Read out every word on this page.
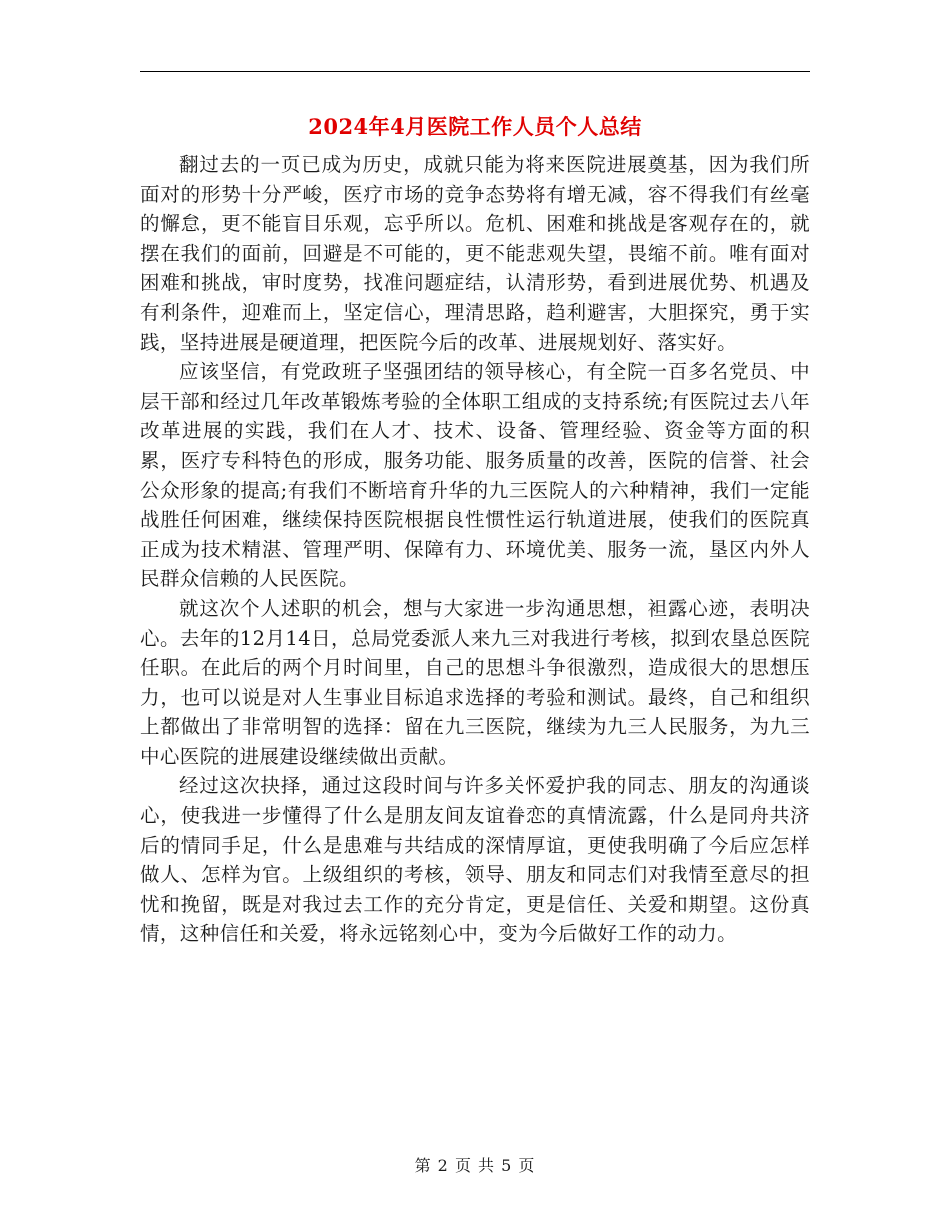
2024年4月医院工作人员个人总结

翻过去的一页已成为历史，成就只能为将来医院进展奠基，因为我们所面对的形势十分严峻，医疗市场的竞争态势将有增无减，容不得我们有丝毫的懈怠，更不能盲目乐观，忘乎所以。危机、困难和挑战是客观存在的，就摆在我们的面前，回避是不可能的，更不能悲观失望，畏缩不前。唯有面对困难和挑战，审时度势，找准问题症结，认清形势，看到进展优势、机遇及有利条件，迎难而上，坚定信心，理清思路，趋利避害，大胆探究，勇于实践，坚持进展是硬道理，把医院今后的改革、进展规划好、落实好。

应该坚信，有党政班子坚强团结的领导核心，有全院一百多名党员、中层干部和经过几年改革锻炼考验的全体职工组成的支持系统;有医院过去八年改革进展的实践，我们在人才、技术、设备、管理经验、资金等方面的积累，医疗专科特色的形成，服务功能、服务质量的改善，医院的信誉、社会公众形象的提高;有我们不断培育升华的九三医院人的六种精神，我们一定能战胜任何困难，继续保持医院根据良性惯性运行轨道进展，使我们的医院真正成为技术精湛、管理严明、保障有力、环境优美、服务一流，垦区内外人民群众信赖的人民医院。

就这次个人述职的机会，想与大家进一步沟通思想，袒露心迹，表明决心。去年的12月14日，总局党委派人来九三对我进行考核，拟到农垦总医院任职。在此后的两个月时间里，自己的思想斗争很激烈，造成很大的思想压力，也可以说是对人生事业目标追求选择的考验和测试。最终，自己和组织上都做出了非常明智的选择：留在九三医院，继续为九三人民服务，为九三中心医院的进展建设继续做出贡献。

经过这次抉择，通过这段时间与许多关怀爱护我的同志、朋友的沟通谈心，使我进一步懂得了什么是朋友间友谊眷恋的真情流露，什么是同舟共济后的情同手足，什么是患难与共结成的深情厚谊，更使我明确了今后应怎样做人、怎样为官。上级组织的考核，领导、朋友和同志们对我情至意尽的担忧和挽留，既是对我过去工作的充分肯定，更是信任、关爱和期望。这份真情，这种信任和关爱，将永远铭刻心中，变为今后做好工作的动力。

第 2 页 共 5 页
